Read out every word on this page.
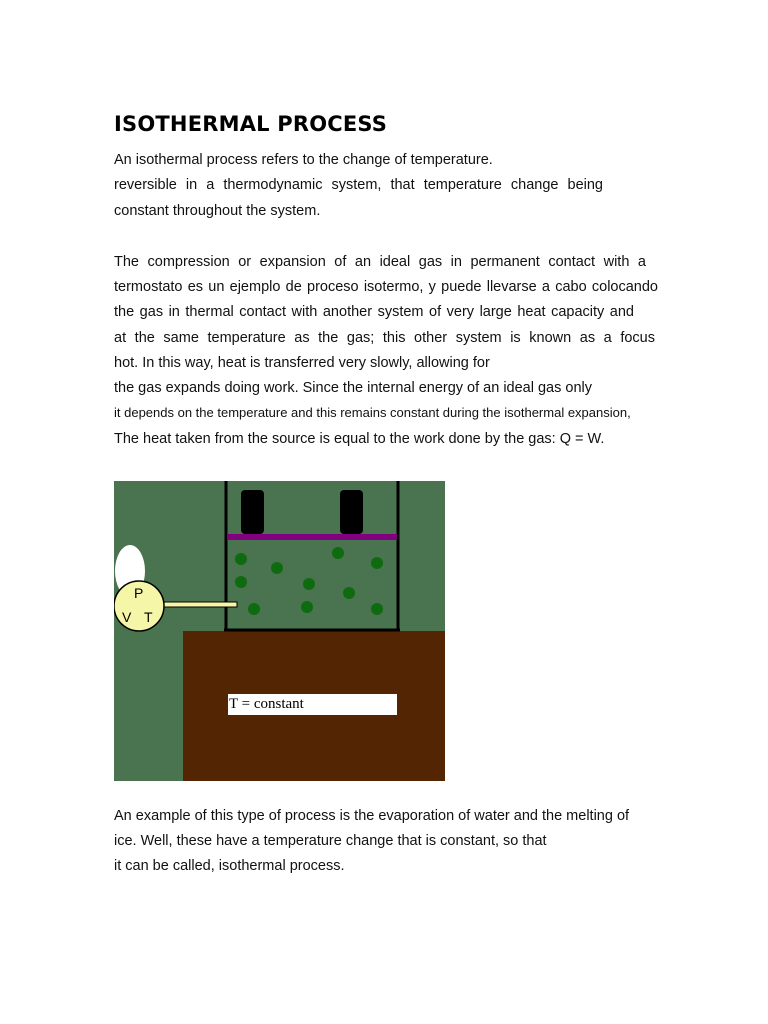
ISOTHERMAL PROCESS
An isothermal process refers to the change of temperature.
reversible in a thermodynamic system, that temperature change being
constant throughout the system.
The compression or expansion of an ideal gas in permanent contact with a
termostato es un ejemplo de proceso isotermo, y puede llevarse a cabo colocando
the gas in thermal contact with another system of very large heat capacity and
at the same temperature as the gas; this other system is known as a focus
hot. In this way, heat is transferred very slowly, allowing for
the gas expands doing work. Since the internal energy of an ideal gas only
it depends on the temperature and this remains constant during the isothermal expansion,
The heat taken from the source is equal to the work done by the gas: Q = W.
P
V T
T = constant
An example of this type of process is the evaporation of water and the melting of
ice. Well, these have a temperature change that is constant, so that
it can be called, isothermal process.
